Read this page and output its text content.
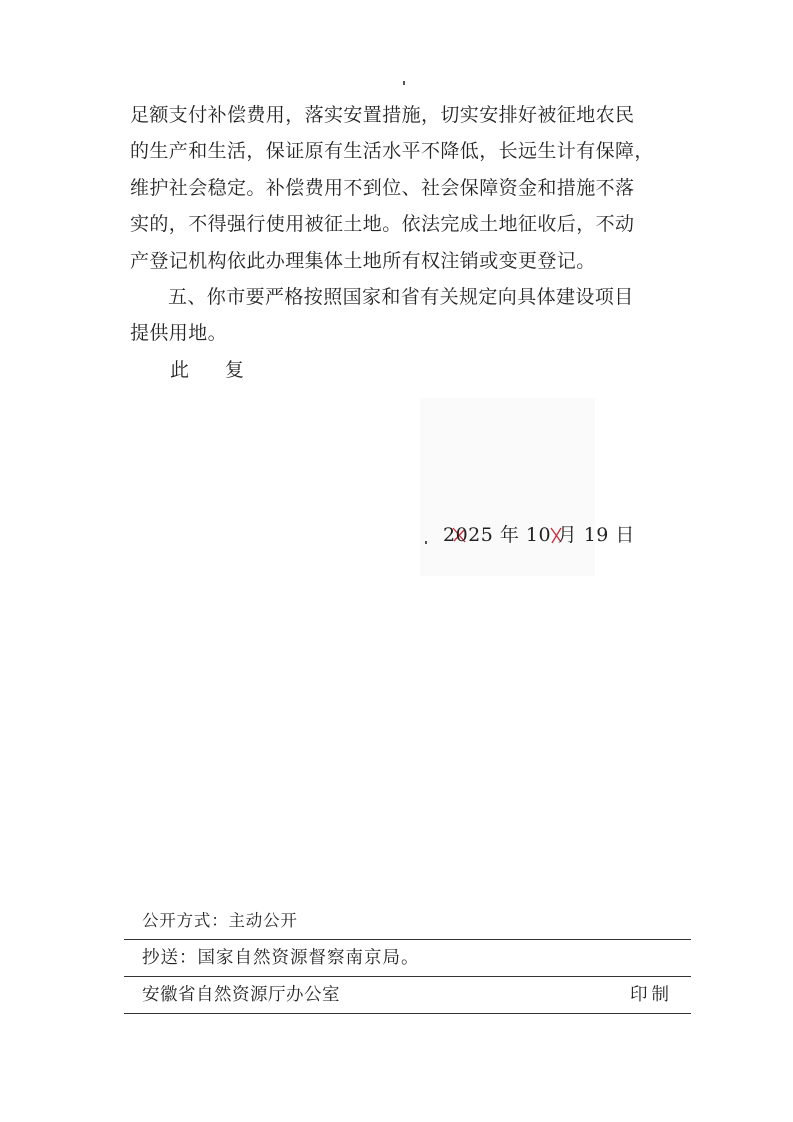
足额支付补偿费用，落实安置措施，切实安排好被征地农民
的生产和生活，保证原有生活水平不降低，长远生计有保障，
维护社会稳定。补偿费用不到位、社会保障资金和措施不落
实的，不得强行使用被征土地。依法完成土地征收后，不动
产登记机构依此办理集体土地所有权注销或变更登记。
五、你市要严格按照国家和省有关规定向具体建设项目
提供用地。
此复
2025 年 10 月 19 日
公开方式：主动公开
抄送：国家自然资源督察南京局。
安徽省自然资源厅办公室	印制
